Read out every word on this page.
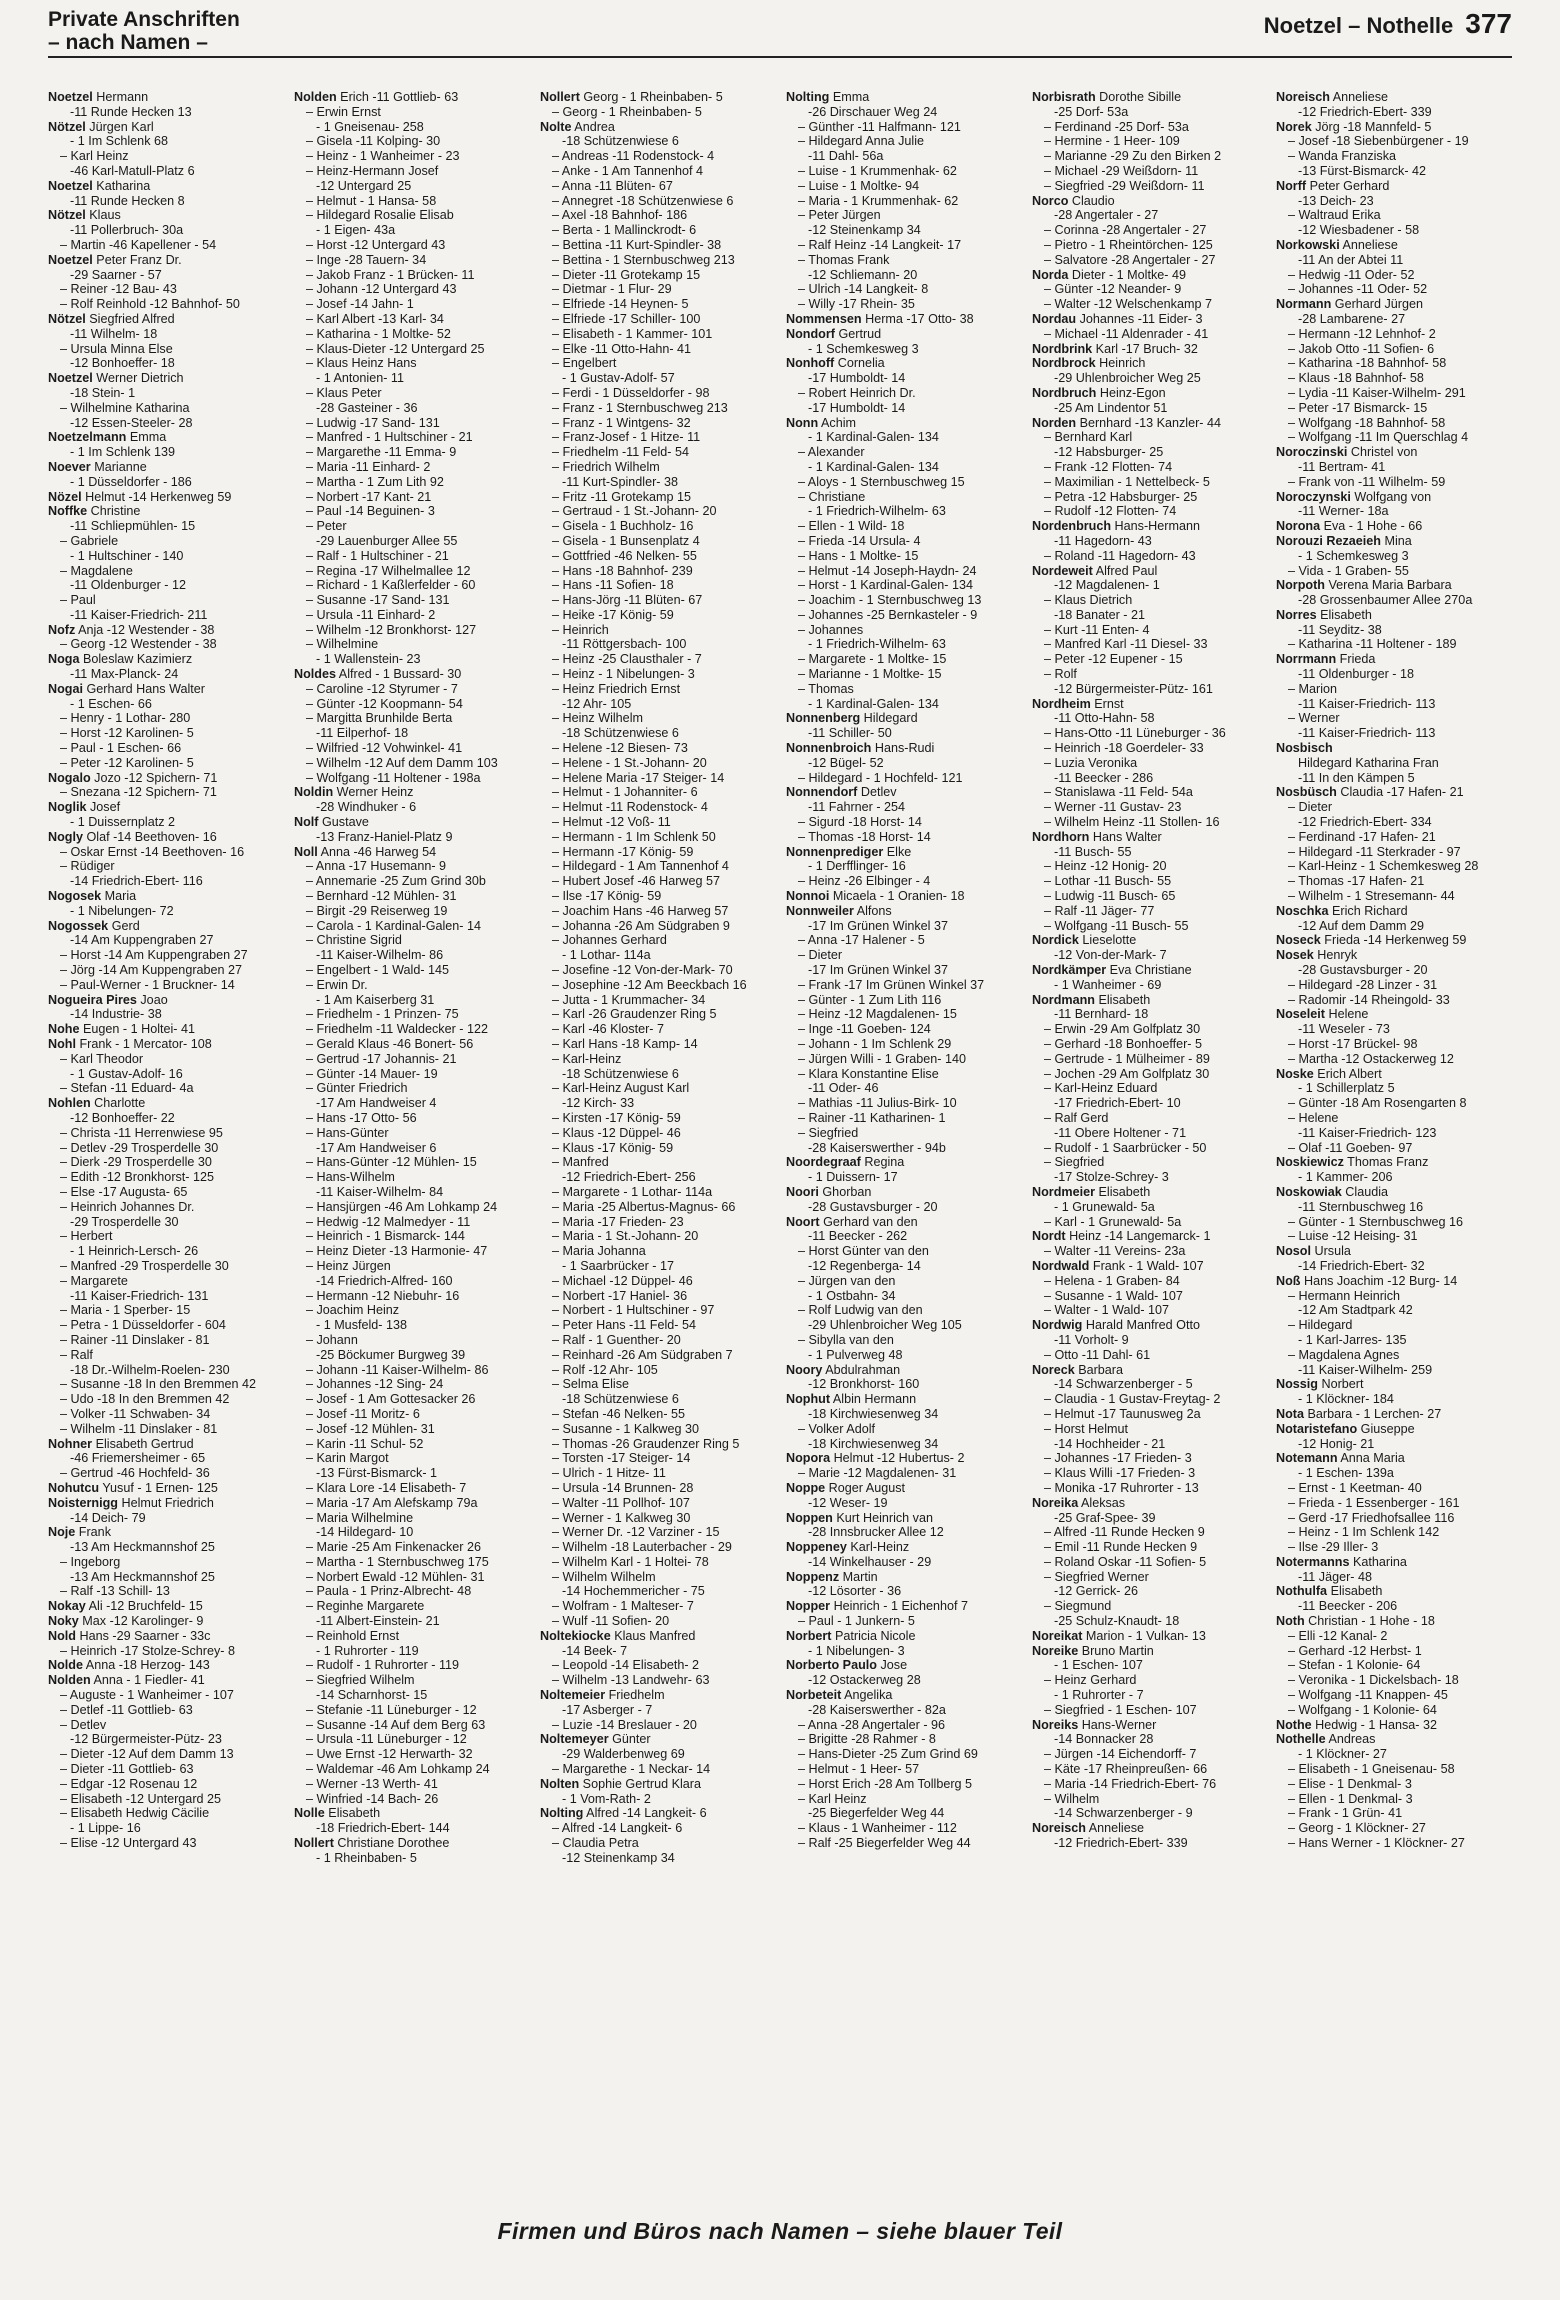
Private Anschriften
– nach Namen –
Noetzel – Nothelle 377
Noetzel Hermann
-11 Runde Hecken 13
Nötzel Jürgen Karl
- 1 Im Schlenk 68
– Karl Heinz
-46 Karl-Matull-Platz 6
Noetzel Katharina
-11 Runde Hecken 8
Nötzel Klaus
-11 Pollerbruch- 30a
– Martin -46 Kapellener - 54
Noetzel Peter Franz Dr.
-29 Saarner - 57
– Reiner -12 Bau- 43
– Rolf Reinhold -12 Bahnhof- 50
Nötzel Siegfried Alfred
-11 Wilhelm- 18
– Ursula Minna Else
-12 Bonhoeffer- 18
Noetzel Werner Dietrich
-18 Stein- 1
– Wilhelmine Katharina
-12 Essen-Steeler- 28
Noetzelmann Emma
- 1 Im Schlenk 139
Noever Marianne
- 1 Düsseldorfer - 186
Nözel Helmut -14 Herkenweg 59
Noffke Christine
-11 Schliepmühlen- 15
– Gabriele
- 1 Hultschiner - 140
– Magdalene
-11 Oldenburger - 12
– Paul
-11 Kaiser-Friedrich- 211
Nofz Anja -12 Westender - 38
– Georg -12 Westender - 38
Noga Boleslaw Kazimierz
-11 Max-Planck- 24
Nogai Gerhard Hans Walter
- 1 Eschen- 66
– Henry - 1 Lothar- 280
– Horst -12 Karolinen- 5
– Paul - 1 Eschen- 66
– Peter -12 Karolinen- 5
Nogalo Jozo -12 Spichern- 71
– Snezana -12 Spichern- 71
Noglik Josef
- 1 Duissernplatz 2
Nogly Olaf -14 Beethoven- 16
– Oskar Ernst -14 Beethoven- 16
– Rüdiger
-14 Friedrich-Ebert- 116
Nogosek Maria
- 1 Nibelungen- 72
Nogossek Gerd
-14 Am Kuppengraben 27
– Horst -14 Am Kuppengraben 27
– Jörg -14 Am Kuppengraben 27
– Paul-Werner - 1 Bruckner- 14
Nogueira Pires Joao
-14 Industrie- 38
Nohe Eugen - 1 Holtei- 41
Nohl Frank - 1 Mercator- 108
– Karl Theodor
- 1 Gustav-Adolf- 16
– Stefan -11 Eduard- 4a
Nohlen Charlotte
-12 Bonhoeffer- 22
– Christa -11 Herrenwiese 95
– Detlev -29 Trosperdelle 30
– Dierk -29 Trosperdelle 30
– Edith -12 Bronkhorst- 125
– Else -17 Augusta- 65
– Heinrich Johannes Dr.
-29 Trosperdelle 30
– Herbert
- 1 Heinrich-Lersch- 26
– Manfred -29 Trosperdelle 30
– Margarete
-11 Kaiser-Friedrich- 131
– Maria - 1 Sperber- 15
– Petra - 1 Düsseldorfer - 604
– Rainer -11 Dinslaker - 81
– Ralf
-18 Dr.-Wilhelm-Roelen- 230
– Susanne -18 In den Bremmen 42
– Udo -18 In den Bremmen 42
– Volker -11 Schwaben- 34
– Wilhelm -11 Dinslaker - 81
Nohner Elisabeth Gertrud
-46 Friemersheimer - 65
– Gertrud -46 Hochfeld- 36
Nohutcu Yusuf - 1 Ernen- 125
Noisternigg Helmut Friedrich
-14 Deich- 79
Noje Frank
-13 Am Heckmannshof 25
– Ingeborg
-13 Am Heckmannshof 25
– Ralf -13 Schill- 13
Nokay Ali -12 Bruchfeld- 15
Noky Max -12 Karolinger- 9
Nold Hans -29 Saarner - 33c
– Heinrich -17 Stolze-Schrey- 8
Nolde Anna -18 Herzog- 143
Nolden Anna - 1 Fiedler- 41
– Auguste - 1 Wanheimer - 107
– Detlef -11 Gottlieb- 63
– Detlev
-12 Bürgermeister-Pütz- 23
– Dieter -12 Auf dem Damm 13
– Dieter -11 Gottlieb- 63
– Edgar -12 Rosenau 12
– Elisabeth -12 Untergard 25
– Elisabeth Hedwig Cäcilie
- 1 Lippe- 16
– Elise -12 Untergard 43
Nolden Erich -11 Gottlieb- 63
– Erwin Ernst
- 1 Gneisenau- 258
– Gisela -11 Kolping- 30
– Heinz - 1 Wanheimer - 23
– Heinz-Hermann Josef
-12 Untergard 25
– Helmut - 1 Hansa- 58
– Hildegard Rosalie Elisab
- 1 Eigen- 43a
– Horst -12 Untergard 43
– Inge -28 Tauern- 34
– Jakob Franz - 1 Brücken- 11
– Johann -12 Untergard 43
– Josef -14 Jahn- 1
– Karl Albert -13 Karl- 34
– Katharina - 1 Moltke- 52
– Klaus-Dieter -12 Untergard 25
– Klaus Heinz Hans
- 1 Antonien- 11
– Klaus Peter
-28 Gasteiner - 36
– Ludwig -17 Sand- 131
– Manfred - 1 Hultschiner - 21
– Margarethe -11 Emma- 9
– Maria -11 Einhard- 2
– Martha - 1 Zum Lith 92
– Norbert -17 Kant- 21
– Paul -14 Beguinen- 3
– Peter
-29 Lauenburger Allee 55
– Ralf - 1 Hultschiner - 21
– Regina -17 Wilhelmallee 12
– Richard - 1 Kaßlerfelder - 60
– Susanne -17 Sand- 131
– Ursula -11 Einhard- 2
– Wilhelm -12 Bronkhorst- 127
– Wilhelmine
- 1 Wallenstein- 23
Noldes Alfred - 1 Bussard- 30
– Caroline -12 Styrumer - 7
– Günter -12 Koopmann- 54
– Margitta Brunhilde Berta
-11 Eilperhof- 18
– Wilfried -12 Vohwinkel- 41
– Wilhelm -12 Auf dem Damm 103
– Wolfgang -11 Holtener - 198a
Noldin Werner Heinz
-28 Windhuker - 6
Nolf Gustave
-13 Franz-Haniel-Platz 9
Noll Anna -46 Harweg 54
– Anna -17 Husemann- 9
– Annemarie -25 Zum Grind 30b
– Bernhard -12 Mühlen- 31
– Birgit -29 Reiserweg 19
– Carola - 1 Kardinal-Galen- 14
– Christine Sigrid
-11 Kaiser-Wilhelm- 86
– Engelbert - 1 Wald- 145
– Erwin Dr.
- 1 Am Kaiserberg 31
– Friedhelm - 1 Prinzen- 75
– Friedhelm -11 Waldecker - 122
– Gerald Klaus -46 Bonert- 56
– Gertrud -17 Johannis- 21
– Günter -14 Mauer- 19
– Günter Friedrich
-17 Am Handweiser 4
– Hans -17 Otto- 56
– Hans-Günter
-17 Am Handweiser 6
– Hans-Günter -12 Mühlen- 15
– Hans-Wilhelm
-11 Kaiser-Wilhelm- 84
– Hansjürgen -46 Am Lohkamp 24
– Hedwig -12 Malmedyer - 11
– Heinrich - 1 Bismarck- 144
– Heinz Dieter -13 Harmonie- 47
– Heinz Jürgen
-14 Friedrich-Alfred- 160
– Hermann -12 Niebuhr- 16
– Joachim Heinz
- 1 Musfeld- 138
– Johann
-25 Böckumer Burgweg 39
– Johann -11 Kaiser-Wilhelm- 86
– Johannes -12 Sing- 24
– Josef - 1 Am Gottesacker 26
– Josef -11 Moritz- 6
– Josef -12 Mühlen- 31
– Karin -11 Schul- 52
– Karin Margot
-13 Fürst-Bismarck- 1
– Klara Lore -14 Elisabeth- 7
– Maria -17 Am Alefskamp 79a
– Maria Wilhelmine
-14 Hildegard- 10
– Marie -25 Am Finkenacker 26
– Martha - 1 Sternbuschweg 175
– Norbert Ewald -12 Mühlen- 31
– Paula - 1 Prinz-Albrecht- 48
– Reginhe Margarete
-11 Albert-Einstein- 21
– Reinhold Ernst
- 1 Ruhrorter - 119
– Rudolf - 1 Ruhrorter - 119
– Siegfried Wilhelm
-14 Scharnhorst- 15
– Stefanie -11 Lüneburger - 12
– Susanne -14 Auf dem Berg 63
– Ursula -11 Lüneburger - 12
– Uwe Ernst -12 Herwarth- 32
– Waldemar -46 Am Lohkamp 24
– Werner -13 Werth- 41
– Winfried -14 Bach- 26
Nolle Elisabeth
-18 Friedrich-Ebert- 144
Nollert Christiane Dorothee
- 1 Rheinbaben- 5
Nollert Georg - 1 Rheinbaben- 5
– Georg - 1 Rheinbaben- 5
Nolte Andrea
-18 Schützenwiese 6
– Andreas -11 Rodenstock- 4
– Anke - 1 Am Tannenhof 4
– Anna -11 Blüten- 67
– Annegret -18 Schützenwiese 6
– Axel -18 Bahnhof- 186
– Berta - 1 Mallinckrodt- 6
– Bettina -11 Kurt-Spindler- 38
– Bettina - 1 Sternbuschweg 213
– Dieter -11 Grotekamp 15
– Dietmar - 1 Flur- 29
– Elfriede -14 Heynen- 5
– Elfriede -17 Schiller- 100
– Elisabeth - 1 Kammer- 101
– Elke -11 Otto-Hahn- 41
– Engelbert
- 1 Gustav-Adolf- 57
– Ferdi - 1 Düsseldorfer - 98
– Franz - 1 Sternbuschweg 213
– Franz - 1 Wintgens- 32
– Franz-Josef - 1 Hitze- 11
– Friedhelm -11 Feld- 54
– Friedrich Wilhelm
-11 Kurt-Spindler- 38
– Fritz -11 Grotekamp 15
– Gertraud - 1 St.-Johann- 20
– Gisela - 1 Buchholz- 16
– Gisela - 1 Bunsenplatz 4
– Gottfried -46 Nelken- 55
– Hans -18 Bahnhof- 239
– Hans -11 Sofien- 18
– Hans-Jörg -11 Blüten- 67
– Heike -17 König- 59
– Heinrich
-11 Röttgersbach- 100
– Heinz -25 Clausthaler - 7
– Heinz - 1 Nibelungen- 3
– Heinz Friedrich Ernst
-12 Ahr- 105
– Heinz Wilhelm
-18 Schützenwiese 6
– Helene -12 Biesen- 73
– Helene - 1 St.-Johann- 20
– Helene Maria -17 Steiger- 14
– Helmut - 1 Johanniter- 6
– Helmut -11 Rodenstock- 4
– Helmut -12 Voß- 11
– Hermann - 1 Im Schlenk 50
– Hermann -17 König- 59
– Hildegard - 1 Am Tannenhof 4
– Hubert Josef -46 Harweg 57
– Ilse -17 König- 59
– Joachim Hans -46 Harweg 57
– Johanna -26 Am Südgraben 9
– Johannes Gerhard
- 1 Lothar- 114a
– Josefine -12 Von-der-Mark- 70
– Josephine -12 Am Beeckbach 16
– Jutta - 1 Krummacher- 34
– Karl -26 Graudenzer Ring 5
– Karl -46 Kloster- 7
– Karl Hans -18 Kamp- 14
– Karl-Heinz
-18 Schützenwiese 6
– Karl-Heinz August Karl
-12 Kirch- 33
– Kirsten -17 König- 59
– Klaus -12 Düppel- 46
– Klaus -17 König- 59
– Manfred
-12 Friedrich-Ebert- 256
– Margarete - 1 Lothar- 114a
– Maria -25 Albertus-Magnus- 66
– Maria -17 Frieden- 23
– Maria - 1 St.-Johann- 20
– Maria Johanna
- 1 Saarbrücker - 17
– Michael -12 Düppel- 46
– Norbert -17 Haniel- 36
– Norbert - 1 Hultschiner - 97
– Peter Hans -11 Feld- 54
– Ralf - 1 Guenther- 20
– Reinhard -26 Am Südgraben 7
– Rolf -12 Ahr- 105
– Selma Elise
-18 Schützenwiese 6
– Stefan -46 Nelken- 55
– Susanne - 1 Kalkweg 30
– Thomas -26 Graudenzer Ring 5
– Torsten -17 Steiger- 14
– Ulrich - 1 Hitze- 11
– Ursula -14 Brunnen- 28
– Walter -11 Pollhof- 107
– Werner - 1 Kalkweg 30
– Werner Dr. -12 Varziner - 15
– Wilhelm -18 Lauterbacher - 29
– Wilhelm Karl - 1 Holtei- 78
– Wilhelm Wilhelm
-14 Hochemmericher - 75
– Wolfram - 1 Malteser- 7
– Wulf -11 Sofien- 20
Noltekiocke Klaus Manfred
-14 Beek- 7
– Leopold -14 Elisabeth- 2
– Wilhelm -13 Landwehr- 63
Noltemeier Friedhelm
-17 Asberger - 7
– Luzie -14 Breslauer - 20
Noltemeyer Günter
-29 Walderbenweg 69
– Margarethe - 1 Neckar- 14
Nolten Sophie Gertrud Klara
- 1 Vom-Rath- 2
Nolting Alfred -14 Langkeit- 6
– Alfred -14 Langkeit- 6
– Claudia Petra
-12 Steinenkamp 34
Nolting Emma
-26 Dirschauer Weg 24
– Günther -11 Halfmann- 121
– Hildegard Anna Julie
-11 Dahl- 56a
– Luise - 1 Krummenhak- 62
– Luise - 1 Moltke- 94
– Maria - 1 Krummenhak- 62
– Peter Jürgen
-12 Steinenkamp 34
– Ralf Heinz -14 Langkeit- 17
– Thomas Frank
-12 Schliemann- 20
– Ulrich -14 Langkeit- 8
– Willy -17 Rhein- 35
Nommensen Herma -17 Otto- 38
Nondorf Gertrud
- 1 Schemkesweg 3
Nonhoff Cornelia
-17 Humboldt- 14
– Robert Heinrich Dr.
-17 Humboldt- 14
Nonn Achim
- 1 Kardinal-Galen- 134
– Alexander
- 1 Kardinal-Galen- 134
– Aloys - 1 Sternbuschweg 15
– Christiane
- 1 Friedrich-Wilhelm- 63
– Ellen - 1 Wild- 18
– Frieda -14 Ursula- 4
– Hans - 1 Moltke- 15
– Helmut -14 Joseph-Haydn- 24
– Horst - 1 Kardinal-Galen- 134
– Joachim - 1 Sternbuschweg 13
– Johannes -25 Bernkasteler - 9
– Johannes
- 1 Friedrich-Wilhelm- 63
– Margarete - 1 Moltke- 15
– Marianne - 1 Moltke- 15
– Thomas
- 1 Kardinal-Galen- 134
Nonnenberg Hildegard
-11 Schiller- 50
Nonnenbroich Hans-Rudi
-12 Bügel- 52
– Hildegard - 1 Hochfeld- 121
Nonnendorf Detlev
-11 Fahrner - 254
– Sigurd -18 Horst- 14
– Thomas -18 Horst- 14
Nonnenprediger Elke
- 1 Derfflinger- 16
– Heinz -26 Elbinger - 4
Nonnoi Micaela - 1 Oranien- 18
Nonnweiler Alfons
-17 Im Grünen Winkel 37
– Anna -17 Halener - 5
– Dieter
-17 Im Grünen Winkel 37
– Frank -17 Im Grünen Winkel 37
– Günter - 1 Zum Lith 116
– Heinz -12 Magdalenen- 15
– Inge -11 Goeben- 124
– Johann - 1 Im Schlenk 29
– Jürgen Willi - 1 Graben- 140
– Klara Konstantine Elise
-11 Oder- 46
– Mathias -11 Julius-Birk- 10
– Rainer -11 Katharinen- 1
– Siegfried
-28 Kaiserswerther - 94b
Noordegraaf Regina
- 1 Duissern- 17
Noori Ghorban
-28 Gustavsburger - 20
Noort Gerhard van den
-11 Beecker - 262
– Horst Günter van den
-12 Regenberga- 14
– Jürgen van den
- 1 Ostbahn- 34
– Rolf Ludwig van den
-29 Uhlenbroicher Weg 105
– Sibylla van den
- 1 Pulverweg 48
Noory Abdulrahman
-12 Bronkhorst- 160
Nophut Albin Hermann
-18 Kirchwiesenweg 34
– Volker Adolf
-18 Kirchwiesenweg 34
Nopora Helmut -12 Hubertus- 2
– Marie -12 Magdalenen- 31
Noppe Roger August
-12 Weser- 19
Noppen Kurt Heinrich van
-28 Innsbrucker Allee 12
Noppeney Karl-Heinz
-14 Winkelhauser - 29
Noppenz Martin
-12 Lösorter - 36
Nopper Heinrich - 1 Eichenhof 7
– Paul - 1 Junkern- 5
Norbert Patricia Nicole
- 1 Nibelungen- 3
Norberto Paulo Jose
-12 Ostackerweg 28
Norbeteit Angelika
-28 Kaiserswerther - 82a
– Anna -28 Angertaler - 96
– Brigitte -28 Rahmer - 8
– Hans-Dieter -25 Zum Grind 69
– Helmut - 1 Heer- 57
– Horst Erich -28 Am Tollberg 5
– Karl Heinz
-25 Biegerfelder Weg 44
– Klaus - 1 Wanheimer - 112
– Ralf -25 Biegerfelder Weg 44
Norbisrath Dorothe Sibille
-25 Dorf- 53a
– Ferdinand -25 Dorf- 53a
– Hermine - 1 Heer- 109
– Marianne -29 Zu den Birken 2
– Michael -29 Weißdorn- 11
– Siegfried -29 Weißdorn- 11
Norco Claudio
-28 Angertaler - 27
– Corinna -28 Angertaler - 27
– Pietro - 1 Rheintörchen- 125
– Salvatore -28 Angertaler - 27
Norda Dieter - 1 Moltke- 49
– Günter -12 Neander- 9
– Walter -12 Welschenkamp 7
Nordau Johannes -11 Eider- 3
– Michael -11 Aldenrader - 41
Nordbrink Karl -17 Bruch- 32
Nordbrock Heinrich
-29 Uhlenbroicher Weg 25
Nordbruch Heinz-Egon
-25 Am Lindentor 51
Norden Bernhard -13 Kanzler- 44
– Bernhard Karl
-12 Habsburger- 25
– Frank -12 Flotten- 74
– Maximilian - 1 Nettelbeck- 5
– Petra -12 Habsburger- 25
– Rudolf -12 Flotten- 74
Nordenbruch Hans-Hermann
-11 Hagedorn- 43
– Roland -11 Hagedorn- 43
Nordeweit Alfred Paul
-12 Magdalenen- 1
– Klaus Dietrich
-18 Banater - 21
– Kurt -11 Enten- 4
– Manfred Karl -11 Diesel- 33
– Peter -12 Eupener - 15
– Rolf
-12 Bürgermeister-Pütz- 161
Nordheim Ernst
-11 Otto-Hahn- 58
– Hans-Otto -11 Lüneburger - 36
– Heinrich -18 Goerdeler- 33
– Luzia Veronika
-11 Beecker - 286
– Stanislawa -11 Feld- 54a
– Werner -11 Gustav- 23
– Wilhelm Heinz -11 Stollen- 16
Nordhorn Hans Walter
-11 Busch- 55
– Heinz -12 Honig- 20
– Lothar -11 Busch- 55
– Ludwig -11 Busch- 65
– Ralf -11 Jäger- 77
– Wolfgang -11 Busch- 55
Nordick Lieselotte
-12 Von-der-Mark- 7
Nordkämper Eva Christiane
- 1 Wanheimer - 69
Nordmann Elisabeth
-11 Bernhard- 18
– Erwin -29 Am Golfplatz 30
– Gerhard -18 Bonhoeffer- 5
– Gertrude - 1 Mülheimer - 89
– Jochen -29 Am Golfplatz 30
– Karl-Heinz Eduard
-17 Friedrich-Ebert- 10
– Ralf Gerd
-11 Obere Holtener - 71
– Rudolf - 1 Saarbrücker - 50
– Siegfried
-17 Stolze-Schrey- 3
Nordmeier Elisabeth
- 1 Grunewald- 5a
– Karl - 1 Grunewald- 5a
Nordt Heinz -14 Langemarck- 1
– Walter -11 Vereins- 23a
Nordwald Frank - 1 Wald- 107
– Helena - 1 Graben- 84
– Susanne - 1 Wald- 107
– Walter - 1 Wald- 107
Nordwig Harald Manfred Otto
-11 Vorholt- 9
– Otto -11 Dahl- 61
Noreck Barbara
-14 Schwarzenberger - 5
– Claudia - 1 Gustav-Freytag- 2
– Helmut -17 Taunusweg 2a
– Horst Helmut
-14 Hochheider - 21
– Johannes -17 Frieden- 3
– Klaus Willi -17 Frieden- 3
– Monika -17 Ruhrorter - 13
Noreika Aleksas
-25 Graf-Spee- 39
– Alfred -11 Runde Hecken 9
– Emil -11 Runde Hecken 9
– Roland Oskar -11 Sofien- 5
– Siegfried Werner
-12 Gerrick- 26
– Siegmund
-25 Schulz-Knaudt- 18
Noreikat Marion - 1 Vulkan- 13
Noreike Bruno Martin
- 1 Eschen- 107
– Heinz Gerhard
- 1 Ruhrorter - 7
– Siegfried - 1 Eschen- 107
Noreiks Hans-Werner
-14 Bonnacker 28
– Jürgen -14 Eichendorff- 7
– Käte -17 Rheinpreußen- 66
– Maria -14 Friedrich-Ebert- 76
– Wilhelm
-14 Schwarzenberger - 9
Noreisch Anneliese
-12 Friedrich-Ebert- 339
Noreisch Anneliese
-12 Friedrich-Ebert- 339
Norek Jörg -18 Mannfeld- 5
– Josef -18 Siebenbürgener - 19
– Wanda Franziska
-13 Fürst-Bismarck- 42
Norff Peter Gerhard
-13 Deich- 23
– Waltraud Erika
-12 Wiesbadener - 58
Norkowski Anneliese
-11 An der Abtei 11
– Hedwig -11 Oder- 52
– Johannes -11 Oder- 52
Normann Gerhard Jürgen
-28 Lambarene- 27
– Hermann -12 Lehnhof- 2
– Jakob Otto -11 Sofien- 6
– Katharina -18 Bahnhof- 58
– Klaus -18 Bahnhof- 58
– Lydia -11 Kaiser-Wilhelm- 291
– Peter -17 Bismarck- 15
– Wolfgang -18 Bahnhof- 58
– Wolfgang -11 Im Querschlag 4
Noroczinski Christel von
-11 Bertram- 41
– Frank von -11 Wilhelm- 59
Noroczynski Wolfgang von
-11 Werner- 18a
Norona Eva - 1 Hohe - 66
Norouzi Rezaeieh Mina
- 1 Schemkesweg 3
– Vida - 1 Graben- 55
Norpoth Verena Maria Barbara
-28 Grossenbaumer Allee 270a
Norres Elisabeth
-11 Seyditz- 38
– Katharina -11 Holtener - 189
Norrmann Frieda
-11 Oldenburger - 18
– Marion
-11 Kaiser-Friedrich- 113
– Werner
-11 Kaiser-Friedrich- 113
Nosbisch
Hildegard Katharina Fran
-11 In den Kämpen 5
Nosbüsch Claudia -17 Hafen- 21
– Dieter
-12 Friedrich-Ebert- 334
– Ferdinand -17 Hafen- 21
– Hildegard -11 Sterkrader - 97
– Karl-Heinz - 1 Schemkesweg 28
– Thomas -17 Hafen- 21
– Wilhelm - 1 Stresemann- 44
Noschka Erich Richard
-12 Auf dem Damm 29
Noseck Frieda -14 Herkenweg 59
Nosek Henryk
-28 Gustavsburger - 20
– Hildegard -28 Linzer - 31
– Radomir -14 Rheingold- 33
Noseleit Helene
-11 Weseler - 73
– Horst -17 Brückel- 98
– Martha -12 Ostackerweg 12
Noske Erich Albert
- 1 Schillerplatz 5
– Günter -18 Am Rosengarten 8
– Helene
-11 Kaiser-Friedrich- 123
– Olaf -11 Goeben- 97
Noskiewicz Thomas Franz
- 1 Kammer- 206
Noskowiak Claudia
-11 Sternbuschweg 16
– Günter - 1 Sternbuschweg 16
– Luise -12 Heising- 31
Nosol Ursula
-14 Friedrich-Ebert- 32
Noß Hans Joachim -12 Burg- 14
– Hermann Heinrich
-12 Am Stadtpark 42
– Hildegard
- 1 Karl-Jarres- 135
– Magdalena Agnes
-11 Kaiser-Wilhelm- 259
Nossig Norbert
- 1 Klöckner- 184
Nota Barbara - 1 Lerchen- 27
Notaristefano Giuseppe
-12 Honig- 21
Notemann Anna Maria
- 1 Eschen- 139a
– Ernst - 1 Keetman- 40
– Frieda - 1 Essenberger - 161
– Gerd -17 Friedhofsallee 116
– Heinz - 1 Im Schlenk 142
– Ilse -29 Iller- 3
Notermanns Katharina
-11 Jäger- 48
Nothulfa Elisabeth
-11 Beecker - 206
Noth Christian - 1 Hohe - 18
– Elli -12 Kanal- 2
– Gerhard -12 Herbst- 1
– Stefan - 1 Kolonie- 64
– Veronika - 1 Dickelsbach- 18
– Wolfgang -11 Knappen- 45
– Wolfgang - 1 Kolonie- 64
Nothe Hedwig - 1 Hansa- 32
Nothelle Andreas
- 1 Klöckner- 27
– Elisabeth - 1 Gneisenau- 58
– Elise - 1 Denkmal- 3
– Ellen - 1 Denkmal- 3
– Frank - 1 Grün- 41
– Georg - 1 Klöckner- 27
– Hans Werner - 1 Klöckner- 27
Firmen und Büros nach Namen – siehe blauer Teil
